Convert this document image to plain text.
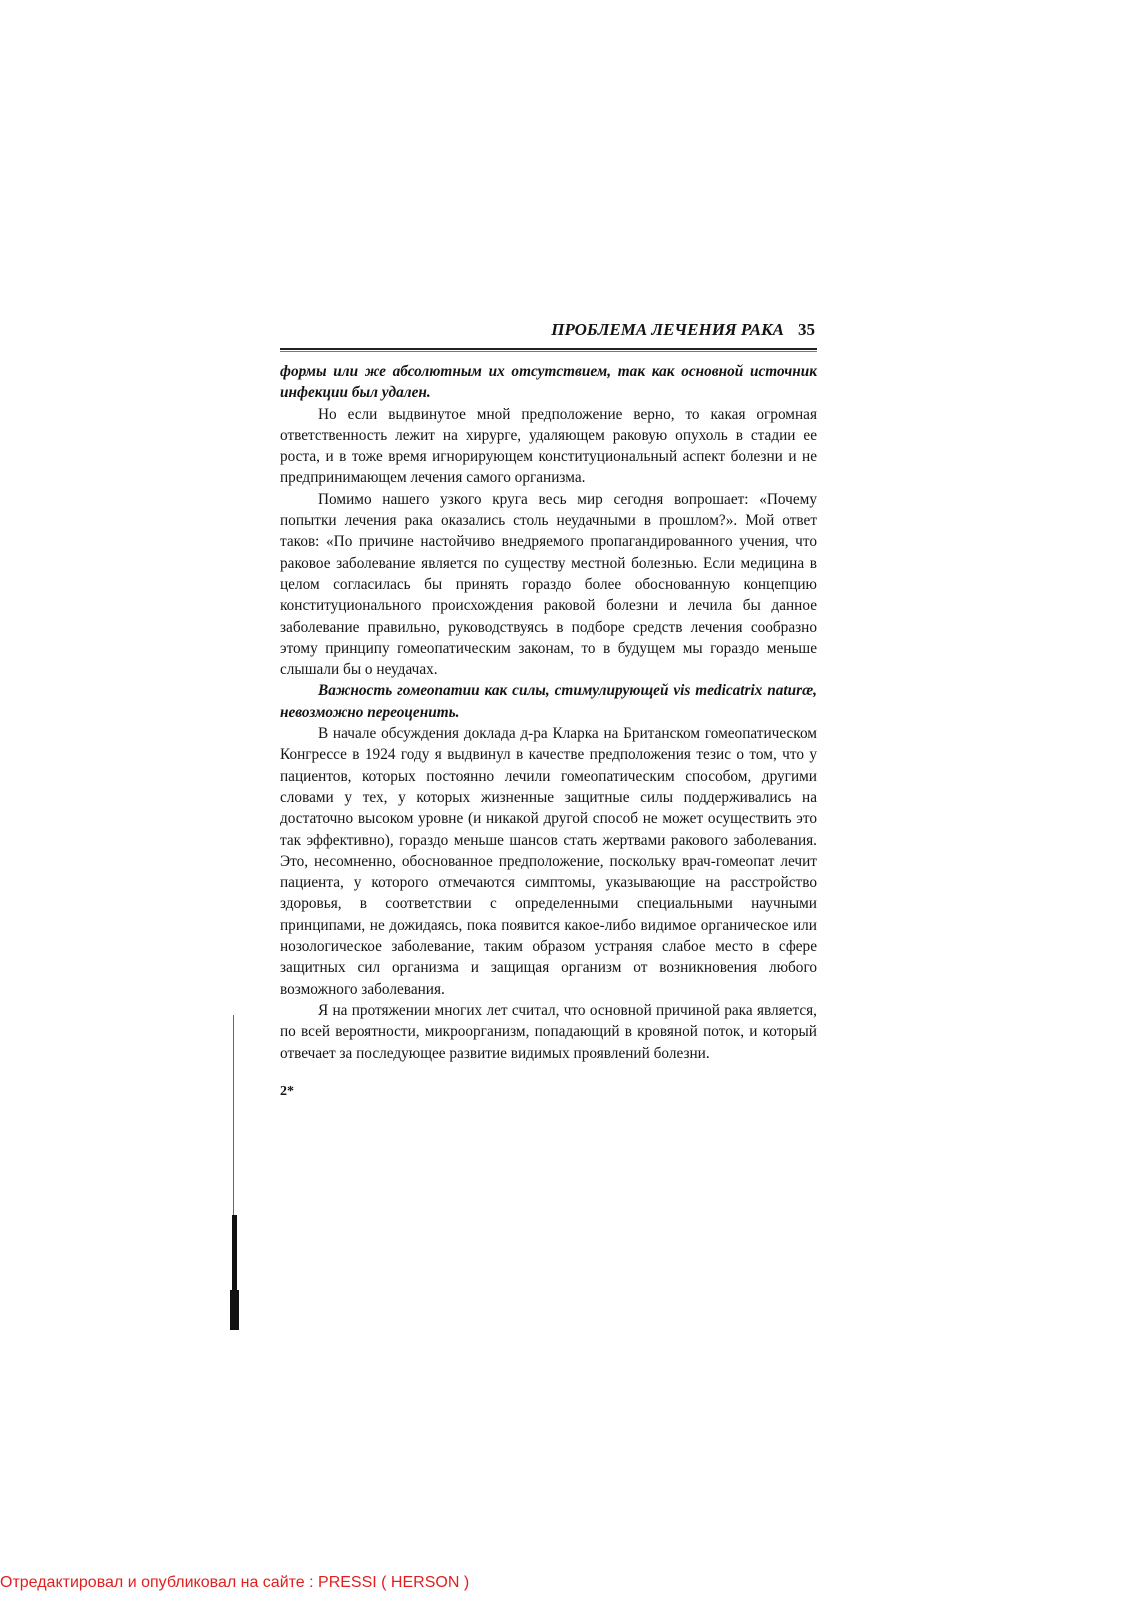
ПРОБЛЕМА ЛЕЧЕНИЯ РАКА 35

формы или же абсолютным их отсутствием, так как основной источник инфекции был удален.

Но если выдвинутое мной предположение верно, то какая огромная ответственность лежит на хирурге, удаляющем раковую опухоль в стадии ее роста, и в тоже время игнорирующем конституциональный аспект болезни и не предпринимающем лечения самого организма.

Помимо нашего узкого круга весь мир сегодня вопрошает: «Почему попытки лечения рака оказались столь неудачными в прошлом?». Мой ответ таков: «По причине настойчиво внедряемого пропагандированного учения, что раковое заболевание является по существу местной болезнью. Если медицина в целом согласилась бы принять гораздо более обоснованную концепцию конституционального происхождения раковой болезни и лечила бы данное заболевание правильно, руководствуясь в подборе средств лечения сообразно этому принципу гомеопатическим законам, то в будущем мы гораздо меньше слышали бы о неудачах.

Важность гомеопатии как силы, стимулирующей vis medicatrix naturæ, невозможно переоценить.

В начале обсуждения доклада д-ра Кларка на Британском гомеопатическом Конгрессе в 1924 году я выдвинул в качестве предположения тезис о том, что у пациентов, которых постоянно лечили гомеопатическим способом, другими словами у тех, у которых жизненные защитные силы поддерживались на достаточно высоком уровне (и никакой другой способ не может осуществить это так эффективно), гораздо меньше шансов стать жертвами ракового заболевания. Это, несомненно, обоснованное предположение, поскольку врач-гомеопат лечит пациента, у которого отмечаются симптомы, указывающие на расстройство здоровья, в соответствии с определенными специальными научными принципами, не дожидаясь, пока появится какое-либо видимое органическое или нозологическое заболевание, таким образом устраняя слабое место в сфере защитных сил организма и защищая организм от возникновения любого возможного заболевания.

Я на протяжении многих лет считал, что основной причиной рака является, по всей вероятности, микроорганизм, попадающий в кровяной поток, и который отвечает за последующее развитие видимых проявлений болезни.

2*
Отредактировал и опубликовал на сайте : PRESSI ( HERSON )
